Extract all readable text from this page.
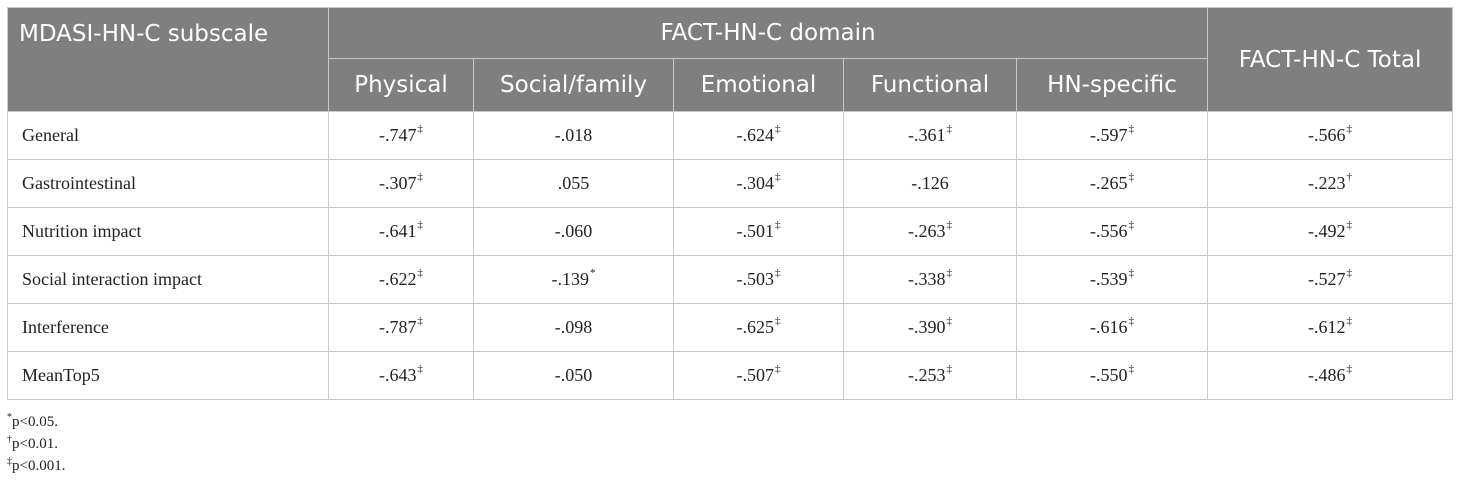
MDASI-HN-C subscale	FACT-HN-C domain					FACT-HN-C Total
	Physical	Social/family	Emotional	Functional	HN-specific	
General	-.747‡	-.018	-.624‡	-.361‡	-.597‡	-.566‡
Gastrointestinal	-.307‡	.055	-.304‡	-.126	-.265‡	-.223†
Nutrition impact	-.641‡	-.060	-.501‡	-.263‡	-.556‡	-.492‡
Social interaction impact	-.622‡	-.139*	-.503‡	-.338‡	-.539‡	-.527‡
Interference	-.787‡	-.098	-.625‡	-.390‡	-.616‡	-.612‡
MeanTop5	-.643‡	-.050	-.507‡	-.253‡	-.550‡	-.486‡
*p<0.05.
†p<0.01.
‡p<0.001.
